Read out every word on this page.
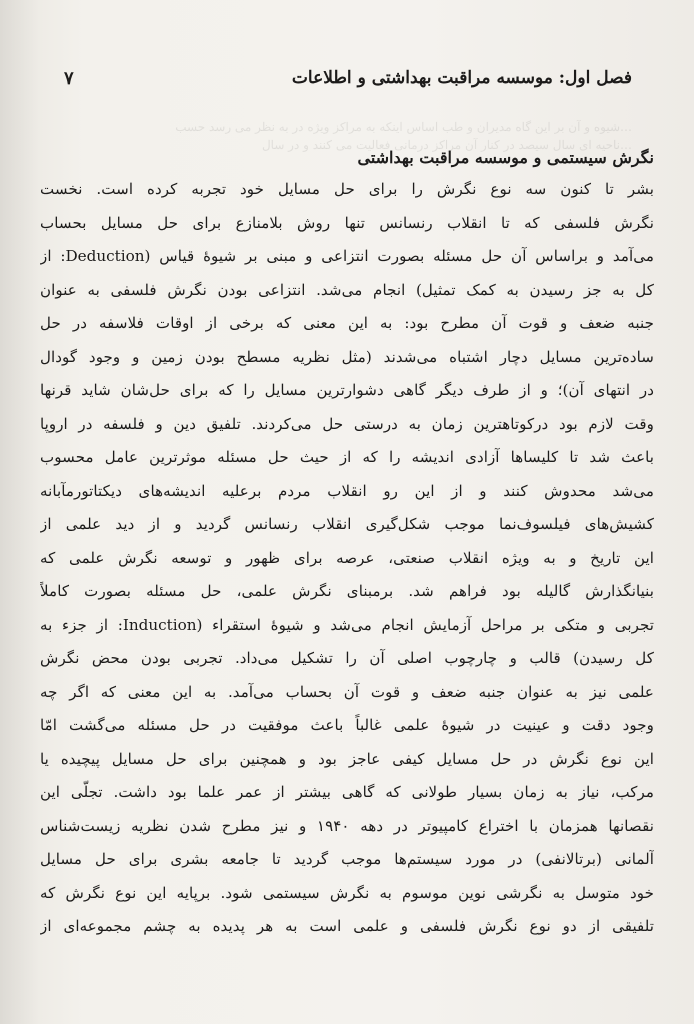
فصل اول: موسسه مراقبت بهداشتی و اطلاعات
۷
…شیوه و آن بر این گاه مدیران و طب اساس اینکه به مراکز ویژه در به نظر می رسد حسب
…ناحیه ای سال سیصد در کنار آن مراکز درمانی فعالیت می کنند و در سال
نگرش سیستمی و موسسه مراقبت بهداشتی
بشر تا کنون سه نوع نگرش را برای حل مسایل خود تجربه کرده است. نخست
نگرش فلسفی که تا انقلاب رنسانس تنها روش بلامنازع برای حل مسایل بحساب
می‌آمد و براساس آن حل مسئله بصورت انتزاعی و مبنی بر شیوهٔ قیاس (Deduction: از
کل به جز رسیدن به کمک تمثیل) انجام می‌شد. انتزاعی بودن نگرش فلسفی به عنوان
جنبه ضعف و قوت آن مطرح بود: به این معنی که برخی از اوقات فلاسفه در حل
ساده‌ترین مسایل دچار اشتباه می‌شدند (مثل نظریه مسطح بودن زمین و وجود گودال
در انتهای آن)؛ و از طرف دیگر گاهی دشوارترین مسایل را که برای حل‌شان شاید قرنها
وقت لازم بود درکوتاهترین زمان به درستی حل می‌کردند. تلفیق دین و فلسفه در اروپا
باعث شد تا کلیساها آزادی اندیشه را که از حیث حل مسئله موثرترین عامل محسوب
می‌شد محدوش کنند و از این رو انقلاب مردم برعلیه اندیشه‌های دیکتاتورمآبانه
کشیش‌های فیلسوف‌نما موجب شکل‌گیری انقلاب رنسانس گردید و از دید علمی از
این تاریخ و به ویژه انقلاب صنعتی، عرصه برای ظهور و توسعه نگرش علمی که
بنیانگذارش گالیله بود فراهم شد. برمبنای نگرش علمی، حل مسئله بصورت کاملاً
تجربی و متکی بر مراحل آزمایش انجام می‌شد و شیوهٔ استقراء (Induction: از جزء به
کل رسیدن) قالب و چارچوب اصلی آن را تشکیل می‌داد. تجربی بودن محض نگرش
علمی نیز به عنوان جنبه ضعف و قوت آن بحساب می‌آمد. به این معنی که اگر چه
وجود دقت و عینیت در شیوهٔ علمی غالباً باعث موفقیت در حل مسئله می‌گشت امّا
این نوع نگرش در حل مسایل کیفی عاجز بود و همچنین برای حل مسایل پیچیده یا
مرکب، نیاز به زمان بسیار طولانی که گاهی بیشتر از عمر علما بود داشت. تجلّی این
نقصانها همزمان با اختراع کامپیوتر در دهه ۱۹۴۰ و نیز مطرح شدن نظریه زیست‌شناس
آلمانی (برتالانفی) در مورد سیستم‌ها موجب گردید تا جامعه بشری برای حل مسایل
خود متوسل به نگرشی نوین موسوم به نگرش سیستمی شود. برپایه این نوع نگرش که
تلفیقی از دو نوع نگرش فلسفی و علمی است به هر پدیده به چشم مجموعه‌ای از
